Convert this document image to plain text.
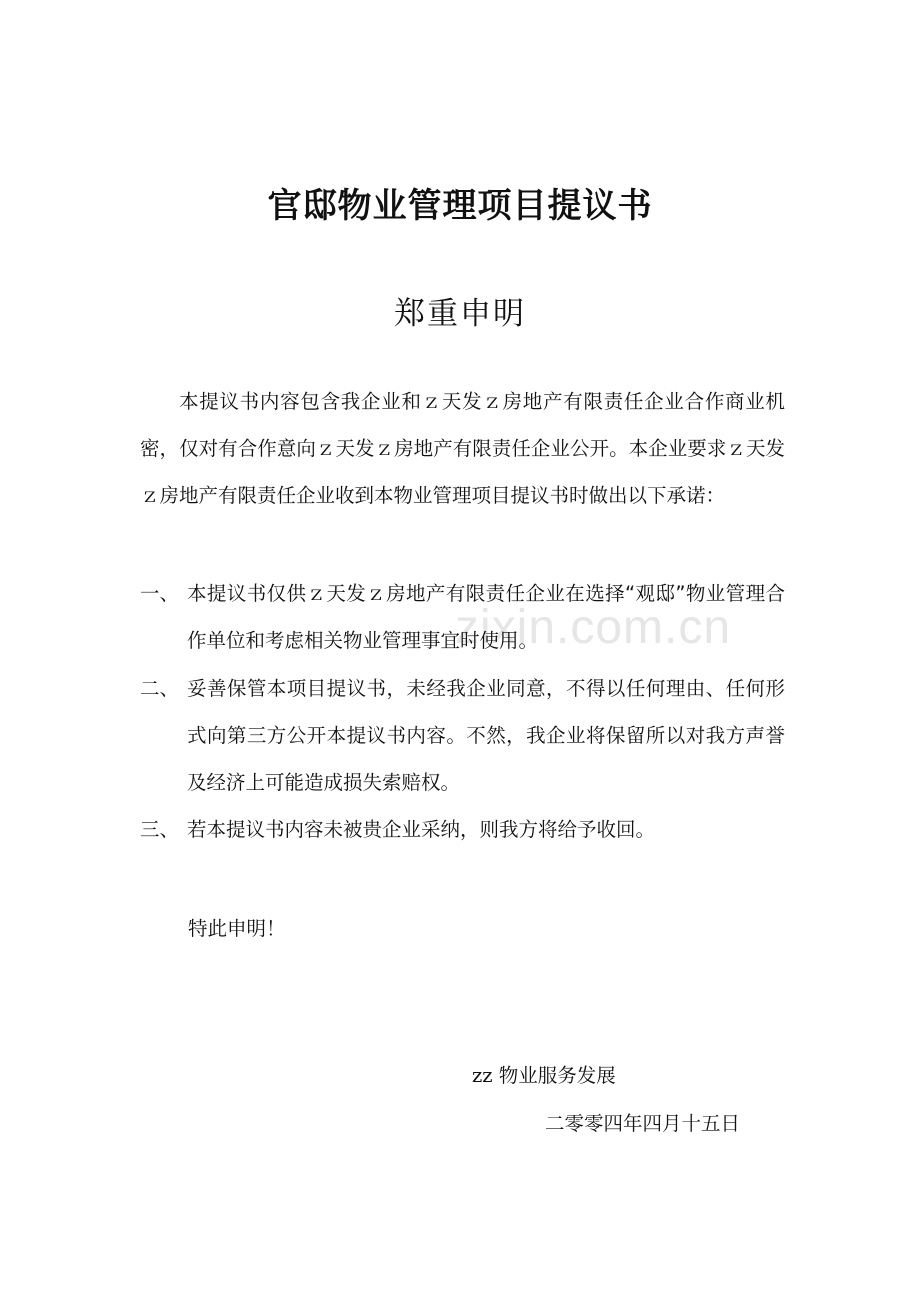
zixin.com.cn
官邸物业管理项目提议书
郑重申明
本提议书内容包含我企业和ｚ天发ｚ房地产有限责任企业合作商业机密，仅对有合作意向ｚ天发ｚ房地产有限责任企业公开。本企业要求ｚ天发ｚ房地产有限责任企业收到本物业管理项目提议书时做出以下承诺：
一、 本提议书仅供ｚ天发ｚ房地产有限责任企业在选择“观邸”物业管理合作单位和考虑相关物业管理事宜时使用。
二、 妥善保管本项目提议书，未经我企业同意，不得以任何理由、任何形式向第三方公开本提议书内容。不然，我企业将保留所以对我方声誉及经济上可能造成损失索赔权。
三、 若本提议书内容未被贵企业采纳，则我方将给予收回。
特此申明！
zz 物业服务发展
二零零四年四月十五日
